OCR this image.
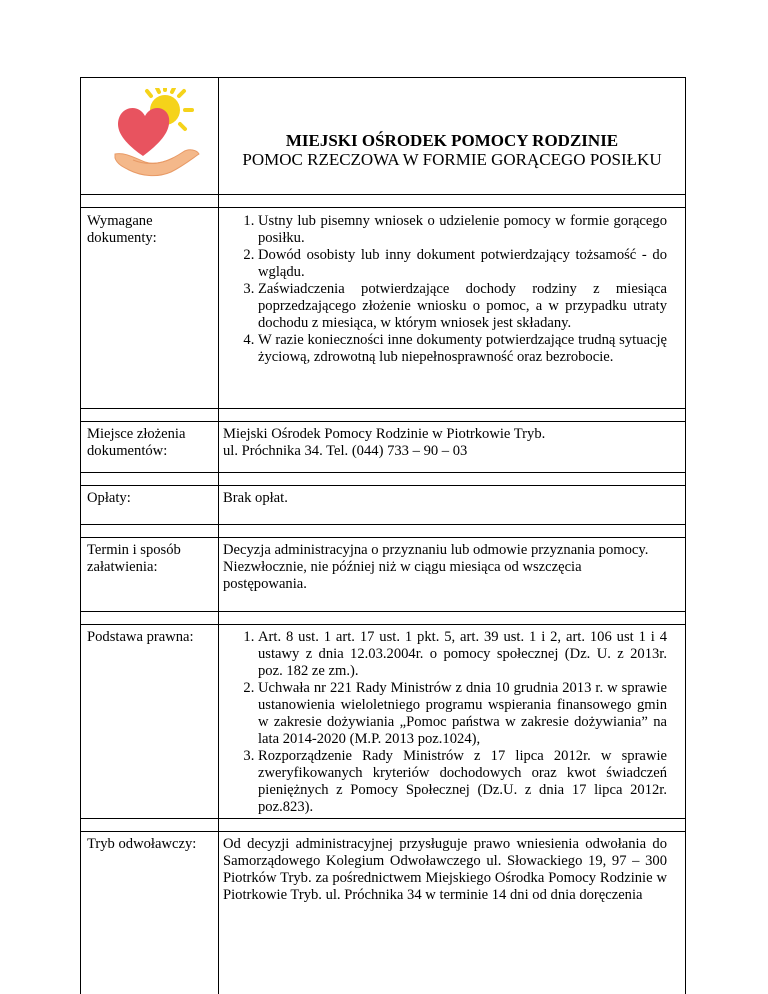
MIEJSKI OŚRODEK POMOCY RODZINIE
POMOC RZECZOWA W FORMIE GORĄCEGO POSIŁKU
Wymagane dokumenty:
1. Ustny lub pisemny wniosek o udzielenie pomocy w formie gorącego posiłku.
2. Dowód osobisty lub inny dokument potwierdzający tożsamość - do wglądu.
3. Zaświadczenia potwierdzające dochody rodziny z miesiąca poprzedzającego złożenie wniosku o pomoc, a w przypadku utraty dochodu z miesiąca, w którym wniosek jest składany.
4. W razie konieczności inne dokumenty potwierdzające trudną sytuację życiową, zdrowotną lub niepełnosprawność oraz bezrobocie.
Miejsce złożenia dokumentów:
Miejski Ośrodek Pomocy Rodzinie w Piotrkowie Tryb.
ul. Próchnika 34. Tel. (044) 733 – 90 – 03
Opłaty:	Brak opłat.
Termin i sposób załatwienia:
Decyzja administracyjna o przyznaniu lub odmowie przyznania pomocy.
Niezwłocznie, nie później niż w ciągu miesiąca od wszczęcia postępowania.
Podstawa prawna:
1.	Art. 8 ust. 1 art. 17 ust. 1 pkt. 5, art. 39 ust. 1 i 2, art. 106 ust 1 i 4 ustawy z dnia 12.03.2004r. o pomocy społecznej (Dz. U. z 2013r. poz. 182 ze zm.).
2. Uchwała nr 221 Rady Ministrów z dnia 10 grudnia 2013 r. w sprawie ustanowienia wieloletniego programu wspierania finansowego gmin w zakresie dożywiania „Pomoc państwa w zakresie dożywiania” na lata 2014-2020 (M.P. 2013 poz.1024),
3. Rozporządzenie Rady Ministrów z 17 lipca 2012r. w sprawie zweryfikowanych kryteriów dochodowych oraz kwot świadczeń pieniężnych z Pomocy Społecznej (Dz.U. z dnia 17 lipca 2012r. poz.823).
Tryb odwoławczy:	Od decyzji administracyjnej przysługuje prawo wniesienia odwołania do Samorządowego Kolegium Odwoławczego ul. Słowackiego 19, 97 – 300 Piotrków Tryb. za pośrednictwem Miejskiego Ośrodka Pomocy Rodzinie w Piotrkowie Tryb. ul. Próchnika 34 w terminie 14 dni od dnia doręczenia
